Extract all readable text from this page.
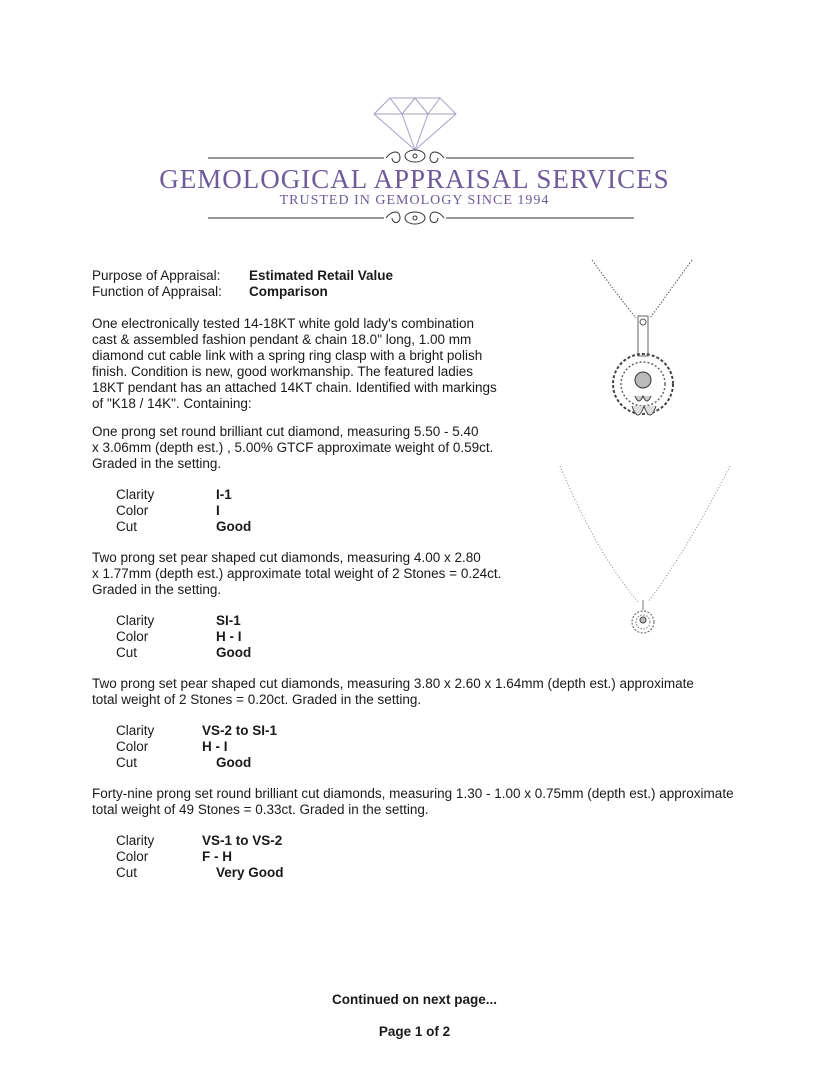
GEMOLOGICAL APPRAISAL SERVICES
TRUSTED IN GEMOLOGY SINCE 1994
Purpose of Appraisal: Estimated Retail Value
Function of Appraisal: Comparison
One electronically tested 14-18KT white gold lady's combination
cast & assembled fashion pendant & chain 18.0" long, 1.00 mm
diamond cut cable link with a spring ring clasp with a bright polish
finish. Condition is new, good workmanship. The featured ladies
18KT pendant has an attached 14KT chain. Identified with markings
of "K18 / 14K". Containing:
One prong set round brilliant cut diamond, measuring 5.50 - 5.40
x 3.06mm (depth est.) , 5.00% GTCF approximate weight of 0.59ct.
Graded in the setting.
Clarity	I-1
Color	I
Cut	Good
Two prong set pear shaped cut diamonds, measuring 4.00 x 2.80
x 1.77mm (depth est.) approximate total weight of 2 Stones = 0.24ct.
Graded in the setting.
Clarity	SI-1
Color	H - I
Cut	Good
Two prong set pear shaped cut diamonds, measuring 3.80 x 2.60 x 1.64mm (depth est.) approximate
total weight of 2 Stones = 0.20ct. Graded in the setting.
Clarity	VS-2 to SI-1
Color	H - I
Cut	Good
Forty-nine prong set round brilliant cut diamonds, measuring 1.30 - 1.00 x 0.75mm (depth est.) approximate
total weight of 49 Stones = 0.33ct. Graded in the setting.
Clarity	VS-1 to VS-2
Color	F - H
Cut	Very Good
Continued on next page...
Page 1 of 2
